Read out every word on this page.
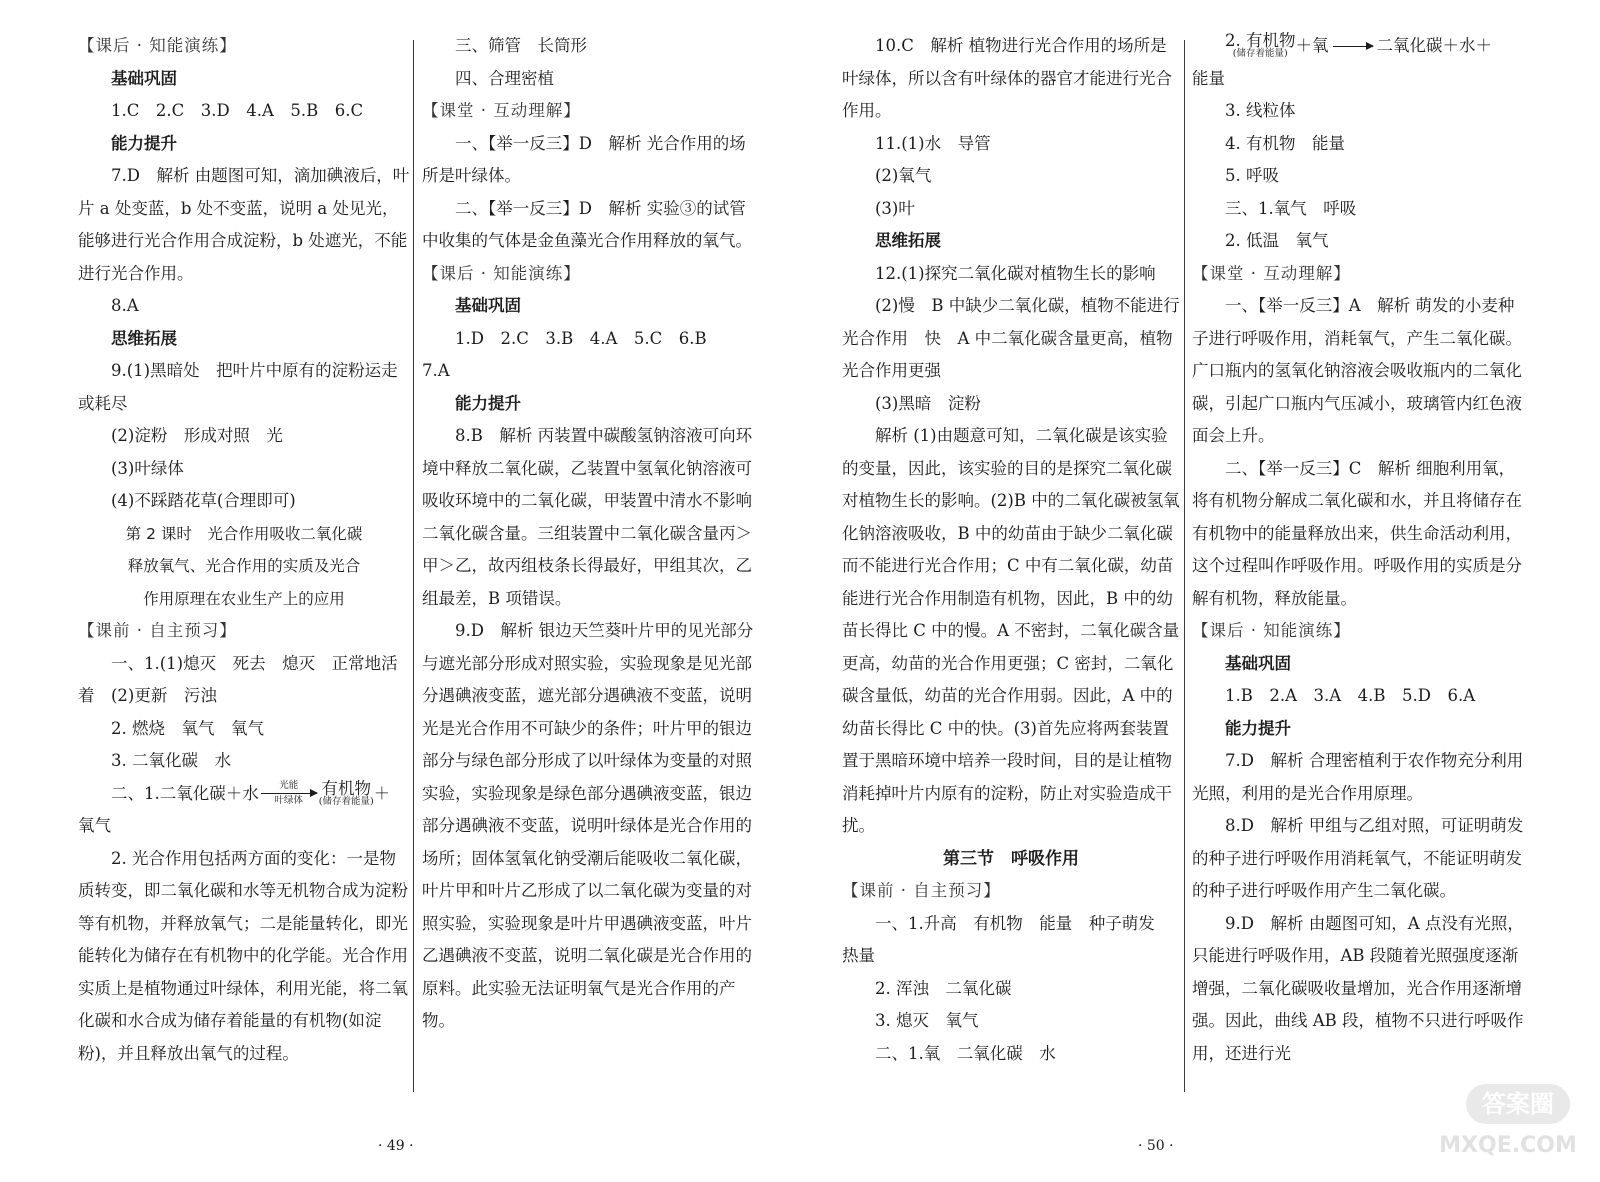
【课后 · 知能演练】

基础巩固

1.C　2.C　3.D　4.A　5.B　6.C

能力提升

7.D　解析 由题图可知，滴加碘液后，叶片 a 处变蓝，b 处不变蓝，说明 a 处见光，能够进行光合作用合成淀粉，b 处遮光，不能进行光合作用。

8.A

思维拓展

9.(1)黑暗处　把叶片中原有的淀粉运走或耗尽

(2)淀粉　形成对照　光

(3)叶绿体

(4)不踩踏花草(合理即可)

第 2 课时　光合作用吸收二氧化碳

释放氧气、光合作用的实质及光合

作用原理在农业生产上的应用

【课前 · 自主预习】

一、1.(1)熄灭　死去　熄灭　正常地活着　(2)更新　污浊

2. 燃烧　氧气　氧气

3. 二氧化碳　水

二、1.二氧化碳＋水 光能
叶绿体
有机物
(储存着能量) ＋

氧气

2. 光合作用包括两方面的变化：一是物质转变，即二氧化碳和水等无机物合成为淀粉等有机物，并释放氧气；二是能量转化，即光能转化为储存在有机物中的化学能。光合作用实质上是植物通过叶绿体，利用光能，将二氧化碳和水合成为储存着能量的有机物(如淀粉)，并且释放出氧气的过程。

三、筛管　长筒形

四、合理密植

【课堂 · 互动理解】

一、【举一反三】D　解析 光合作用的场所是叶绿体。

二、【举一反三】D　解析 实验③的试管中收集的气体是金鱼藻光合作用释放的氧气。

【课后 · 知能演练】

基础巩固

1.D　2.C　3.B　4.A　5.C　6.B

7.A

能力提升

8.B　解析 丙装置中碳酸氢钠溶液可向环境中释放二氧化碳，乙装置中氢氧化钠溶液可吸收环境中的二氧化碳，甲装置中清水不影响二氧化碳含量。三组装置中二氧化碳含量丙＞甲＞乙，故丙组枝条长得最好，甲组其次，乙组最差，B 项错误。

9.D　解析 银边天竺葵叶片甲的见光部分与遮光部分形成对照实验，实验现象是见光部分遇碘液变蓝，遮光部分遇碘液不变蓝，说明光是光合作用不可缺少的条件；叶片甲的银边部分与绿色部分形成了以叶绿体为变量的对照实验，实验现象是绿色部分遇碘液变蓝，银边部分遇碘液不变蓝，说明叶绿体是光合作用的场所；固体氢氧化钠受潮后能吸收二氧化碳，叶片甲和叶片乙形成了以二氧化碳为变量的对照实验，实验现象是叶片甲遇碘液变蓝，叶片乙遇碘液不变蓝，说明二氧化碳是光合作用的原料。此实验无法证明氧气是光合作用的产物。

10.C　解析 植物进行光合作用的场所是叶绿体，所以含有叶绿体的器官才能进行光合作用。

11.(1)水　导管

(2)氧气

(3)叶

思维拓展

12.(1)探究二氧化碳对植物生长的影响

(2)慢　B 中缺少二氧化碳，植物不能进行光合作用　快　A 中二氧化碳含量更高，植物光合作用更强

(3)黑暗　淀粉

解析 (1)由题意可知，二氧化碳是该实验的变量，因此，该实验的目的是探究二氧化碳对植物生长的影响。(2)B 中的二氧化碳被氢氧化钠溶液吸收，B 中的幼苗由于缺少二氧化碳而不能进行光合作用；C 中有二氧化碳，幼苗能进行光合作用制造有机物，因此，B 中的幼苗长得比 C 中的慢。A 不密封，二氧化碳含量更高，幼苗的光合作用更强；C 密封，二氧化碳含量低，幼苗的光合作用弱。因此，A 中的幼苗长得比 C 中的快。(3)首先应将两套装置置于黑暗环境中培养一段时间，目的是让植物消耗掉叶片内原有的淀粉，防止对实验造成干扰。

第三节　呼吸作用

【课前 · 自主预习】

一、1.升高　有机物　能量　种子萌发　热量

2. 浑浊　二氧化碳

3. 熄灭　氧气

二、1.氧　二氧化碳　水

2. 有机物
(储存着能量) ＋氧	二氧化碳＋水＋

能量

3. 线粒体

4. 有机物　能量

5. 呼吸

三、1.氧气　呼吸

2. 低温　氧气

【课堂 · 互动理解】

一、【举一反三】A　解析 萌发的小麦种子进行呼吸作用，消耗氧气，产生二氧化碳。广口瓶内的氢氧化钠溶液会吸收瓶内的二氧化碳，引起广口瓶内气压减小，玻璃管内红色液面会上升。

二、【举一反三】C　解析 细胞利用氧，将有机物分解成二氧化碳和水，并且将储存在有机物中的能量释放出来，供生命活动利用，这个过程叫作呼吸作用。呼吸作用的实质是分解有机物，释放能量。

【课后 · 知能演练】

基础巩固

1.B　2.A　3.A　4.B　5.D　6.A

能力提升

7.D　解析 合理密植利于农作物充分利用光照，利用的是光合作用原理。

8.D　解析 甲组与乙组对照，可证明萌发的种子进行呼吸作用消耗氧气，不能证明萌发的种子进行呼吸作用产生二氧化碳。

9.D　解析 由题图可知，A 点没有光照，只能进行呼吸作用，AB 段随着光照强度逐渐增强，二氧化碳吸收量增加，光合作用逐渐增强。因此，曲线 AB 段，植物不只进行呼吸作用，还进行光

· 49 ·	· 50 ·
答案圈
MXQE.COM
